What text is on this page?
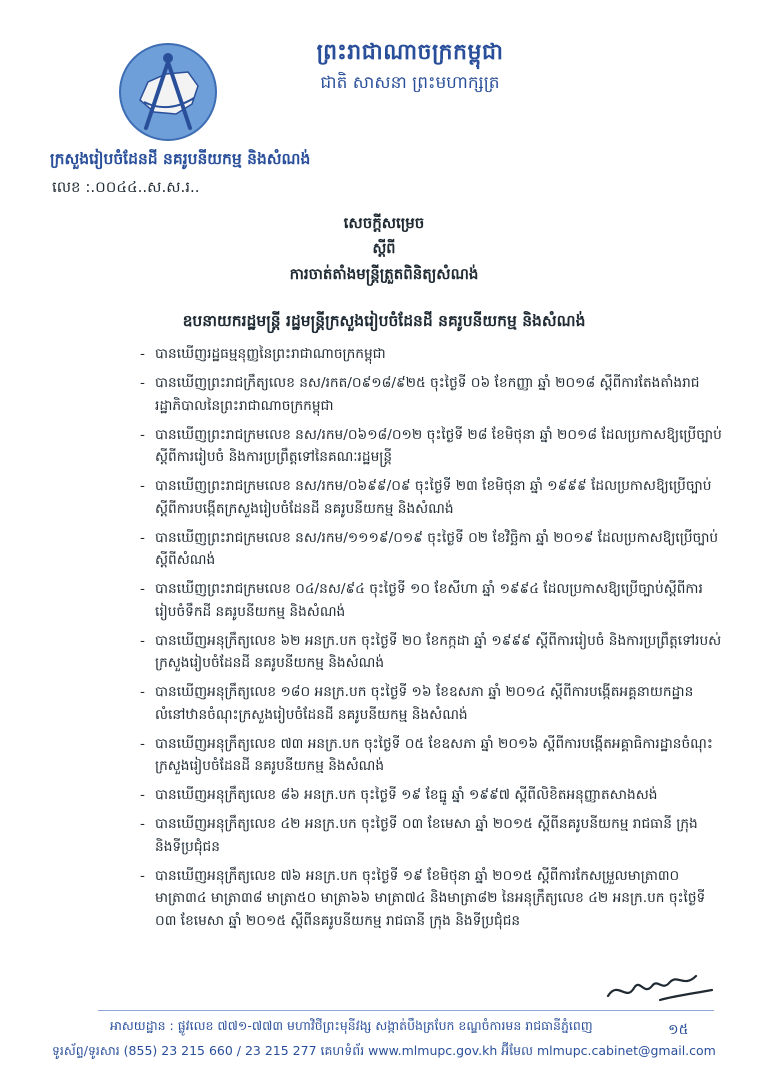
ព្រះរាជាណាចក្រកម្ពុជា
ជាតិ សាសនា ព្រះមហាក្សត្រ
ក្រសួងរៀបចំដែនដី នគរូបនីយកម្ម និងសំណង់
លេខ :.០០៤៤..ស.ស.រ..
សេចក្តីសម្រេច
ស្តីពី
ការចាត់តាំងមន្ត្រីត្រួតពិនិត្យសំណង់
ឧបនាយករដ្ឋមន្ត្រី រដ្ឋមន្ត្រីក្រសួងរៀបចំដែនដី នគរូបនីយកម្ម និងសំណង់
- បានឃើញរដ្ឋធម្មនុញ្ញនៃព្រះរាជាណាចក្រកម្ពុជា
- បានឃើញព្រះរាជក្រឹត្យលេខ នស/រកត/០៩១៨/៩២៥ ចុះថ្ងៃទី ០៦ ខែកញ្ញា ឆ្នាំ ២០១៨ ស្តីពីការតែងតាំងរាជរដ្ឋាភិបាលនៃព្រះរាជាណាចក្រកម្ពុជា
- បានឃើញព្រះរាជក្រមលេខ នស/រកម/០៦១៨/០១២ ចុះថ្ងៃទី ២៨ ខែមិថុនា ឆ្នាំ ២០១៨ ដែលប្រកាសឱ្យប្រើច្បាប់ស្តីពីការរៀបចំ និងការប្រព្រឹត្តទៅនៃគណៈរដ្ឋមន្ត្រី
- បានឃើញព្រះរាជក្រមលេខ នស/រកម/០៦៩៩/០៩ ចុះថ្ងៃទី ២៣ ខែមិថុនា ឆ្នាំ ១៩៩៩ ដែលប្រកាសឱ្យប្រើច្បាប់ស្តីពីការបង្កើតក្រសួងរៀបចំដែនដី នគរូបនីយកម្ម និងសំណង់
- បានឃើញព្រះរាជក្រមលេខ នស/រកម/១១១៩/០១៩ ចុះថ្ងៃទី ០២ ខែវិច្ឆិកា ឆ្នាំ ២០១៩ ដែលប្រកាសឱ្យប្រើច្បាប់ស្តីពីសំណង់
- បានឃើញព្រះរាជក្រមលេខ ០៤/នស/៩៤ ចុះថ្ងៃទី ១០ ខែសីហា ឆ្នាំ ១៩៩៤ ដែលប្រកាសឱ្យប្រើច្បាប់ស្តីពីការរៀបចំទឹកដី នគរូបនីយកម្ម និងសំណង់
- បានឃើញអនុក្រឹត្យលេខ ៦២ អនក្រ.បក ចុះថ្ងៃទី ២០ ខែកក្កដា ឆ្នាំ ១៩៩៩ ស្តីពីការរៀបចំ និងការប្រព្រឹត្តទៅរបស់ក្រសួងរៀបចំដែនដី នគរូបនីយកម្ម និងសំណង់
- បានឃើញអនុក្រឹត្យលេខ ១៨០ អនក្រ.បក ចុះថ្ងៃទី ១៦ ខែឧសភា ឆ្នាំ ២០១៤ ស្តីពីការបង្កើតអគ្គនាយកដ្ឋានលំនៅឋានចំណុះក្រសួងរៀបចំដែនដី នគរូបនីយកម្ម និងសំណង់
- បានឃើញអនុក្រឹត្យលេខ ៧៣ អនក្រ.បក ចុះថ្ងៃទី ០៥ ខែឧសភា ឆ្នាំ ២០១៦ ស្តីពីការបង្កើតអគ្គាធិការដ្ឋានចំណុះក្រសួងរៀបចំដែនដី នគរូបនីយកម្ម និងសំណង់
- បានឃើញអនុក្រឹត្យលេខ ៨៦ អនក្រ.បក ចុះថ្ងៃទី ១៩ ខែធ្នូ ឆ្នាំ ១៩៩៧ ស្តីពីលិខិតអនុញ្ញាតសាងសង់
- បានឃើញអនុក្រឹត្យលេខ ៤២ អនក្រ.បក ចុះថ្ងៃទី ០៣ ខែមេសា ឆ្នាំ ២០១៥ ស្តីពីនគរូបនីយកម្ម រាជធានី ក្រុង និងទីប្រជុំជន
- បានឃើញអនុក្រឹត្យលេខ ៧៦ អនក្រ.បក ចុះថ្ងៃទី ១៩ ខែមិថុនា ឆ្នាំ ២០១៥ ស្តីពីការកែសម្រួលមាត្រា៣០ មាត្រា៣៤ មាត្រា៣៨ មាត្រា៥០ មាត្រា៦៦ មាត្រា៧៤ និងមាត្រា៨២ នៃអនុក្រឹត្យលេខ ៤២ អនក្រ.បក ចុះថ្ងៃទី ០៣ ខែមេសា ឆ្នាំ ២០១៥ ស្តីពីនគរូបនីយកម្ម រាជធានី ក្រុង និងទីប្រជុំជន
១៥
អាសយដ្ឋាន : ផ្លូវលេខ ៧៧១-៧៧៣ មហាវិថីព្រះមុនីវង្ស សង្កាត់បឹងត្របែក ខណ្ឌចំការមន រាជធានីភ្នំពេញ
ទូរស័ព្ទ/ទូរសារ (855) 23 215 660 / 23 215 277 គេហទំព័រ www.mlmupc.gov.kh អ៊ីមែល mlmupc.cabinet@gmail.com
